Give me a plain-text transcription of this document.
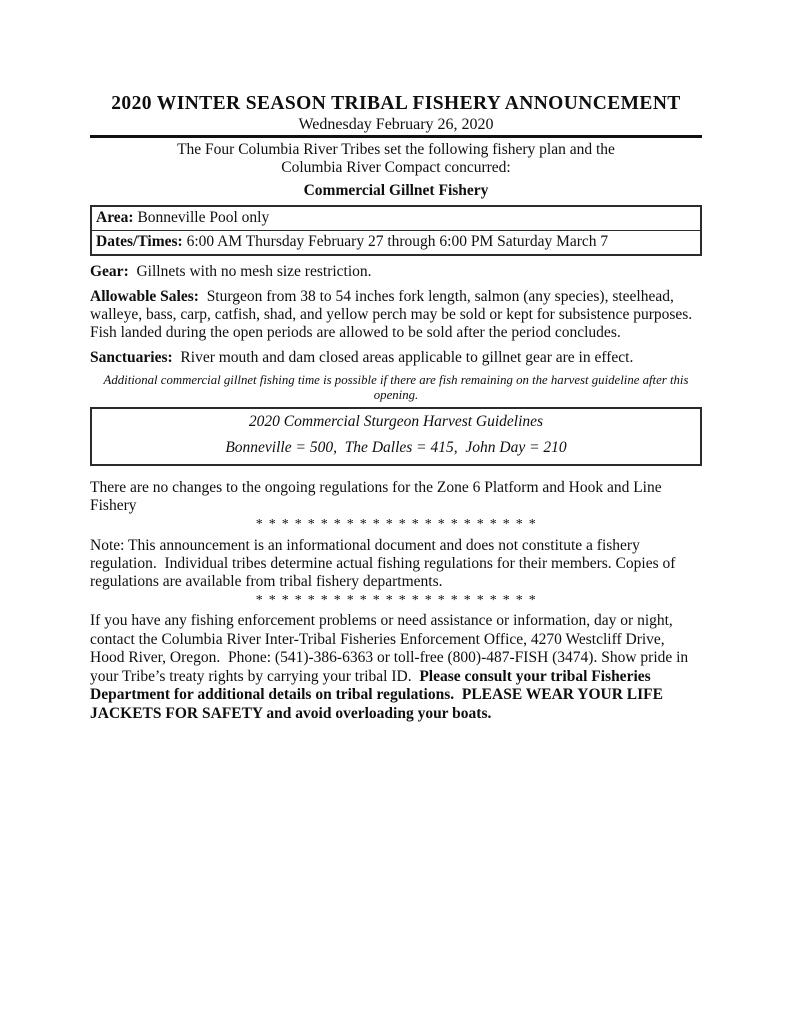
2020 WINTER SEASON TRIBAL FISHERY ANNOUNCEMENT
Wednesday February 26, 2020
The Four Columbia River Tribes set the following fishery plan and the
Columbia River Compact concurred:
Commercial Gillnet Fishery
Area: Bonneville Pool only
Dates/Times: 6:00 AM Thursday February 27 through 6:00 PM Saturday March 7
Gear:  Gillnets with no mesh size restriction.
Allowable Sales:  Sturgeon from 38 to 54 inches fork length, salmon (any species), steelhead, walleye, bass, carp, catfish, shad, and yellow perch may be sold or kept for subsistence purposes. Fish landed during the open periods are allowed to be sold after the period concludes.
Sanctuaries:  River mouth and dam closed areas applicable to gillnet gear are in effect.
Additional commercial gillnet fishing time is possible if there are fish remaining on the harvest guideline after this opening.
2020 Commercial Sturgeon Harvest Guidelines
Bonneville = 500,  The Dalles = 415,  John Day = 210
There are no changes to the ongoing regulations for the Zone 6 Platform and Hook and Line Fishery
* * * * * * * * * * * * * * * * * * * * * *
Note: This announcement is an informational document and does not constitute a fishery regulation.  Individual tribes determine actual fishing regulations for their members. Copies of regulations are available from tribal fishery departments.
* * * * * * * * * * * * * * * * * * * * * *
If you have any fishing enforcement problems or need assistance or information, day or night, contact the Columbia River Inter-Tribal Fisheries Enforcement Office, 4270 Westcliff Drive, Hood River, Oregon.  Phone: (541)-386-6363 or toll-free (800)-487-FISH (3474). Show pride in your Tribe’s treaty rights by carrying your tribal ID.  Please consult your tribal Fisheries Department for additional details on tribal regulations.  PLEASE WEAR YOUR LIFE JACKETS FOR SAFETY and avoid overloading your boats.
